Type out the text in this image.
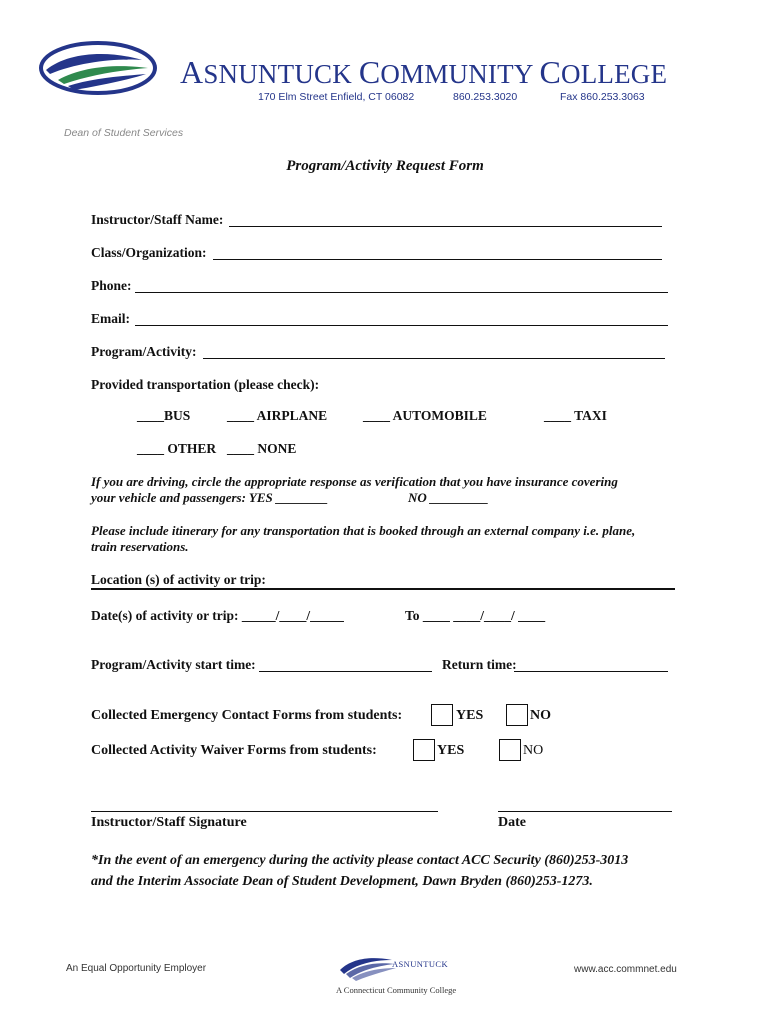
ASNUNTUCK COMMUNITY COLLEGE
170 Elm Street Enfield, CT 06082	860.253.3020	Fax 860.253.3063
Dean of Student Services
Program/Activity Request Form
Instructor/Staff Name:
Class/Organization:
Phone:
Email:
Program/Activity:
Provided transportation (please check):
____BUS	____ AIRPLANE	____ AUTOMOBILE	____ TAXI
____ OTHER ____ NONE
If you are driving, circle the appropriate response as verification that you have insurance covering
your vehicle and passengers: YES ________	NO _________
Please include itinerary for any transportation that is booked through an external company i.e. plane,
train reservations.
Location (s) of activity or trip:
Date(s) of activity or trip: _____/____/_____	To ____ ____/____/ ____
Program/Activity start time:	Return time:
Collected Emergency Contact Forms from students:	YES	NO
Collected Activity Waiver Forms from students:	YES	NO
Instructor/Staff Signature	Date
*In the event of an emergency during the activity please contact ACC Security (860)253-3013
and the Interim Associate Dean of Student Development, Dawn Bryden (860)253-1273.
An Equal Opportunity Employer	ASNUNTUCK
A Connecticut Community College
www.acc.commnet.edu
